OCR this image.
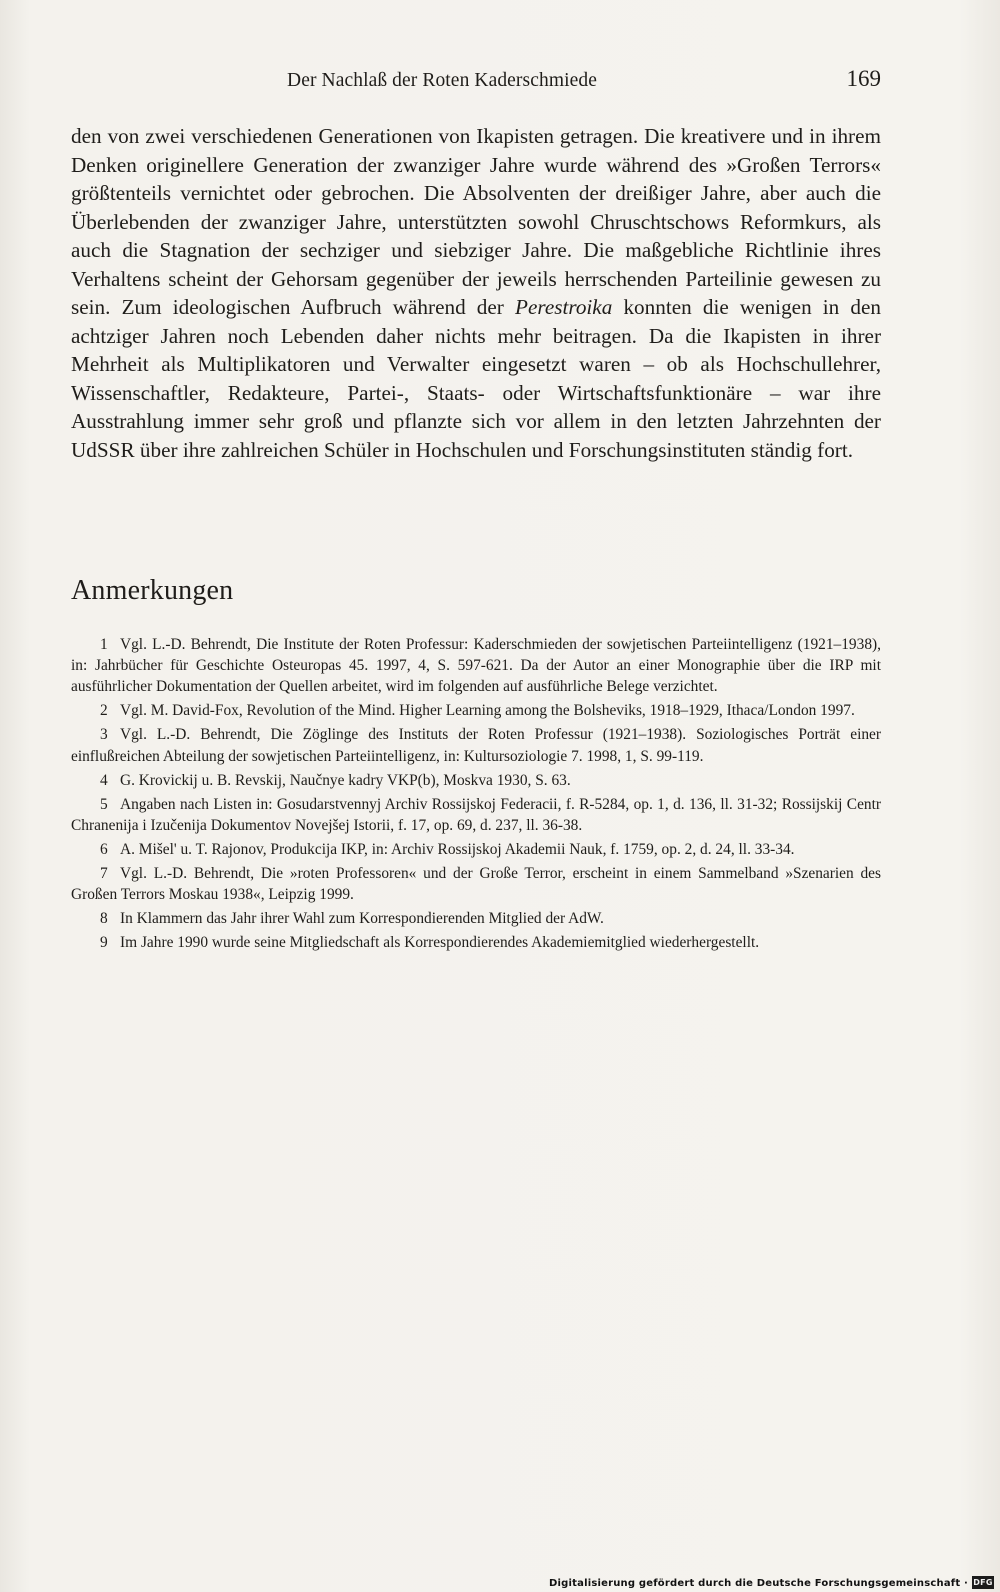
Der Nachlaß der Roten Kaderschmiede	169

den von zwei verschiedenen Generationen von Ikapisten getragen. Die kreativere und in ihrem Denken originellere Generation der zwanziger Jahre wurde während des »Großen Terrors« größtenteils vernichtet oder gebrochen. Die Absolventen der dreißiger Jahre, aber auch die Überlebenden der zwanziger Jahre, unterstützten sowohl Chruschtschows Reformkurs, als auch die Stagnation der sechziger und siebziger Jahre. Die maßgebliche Richtlinie ihres Verhaltens scheint der Gehorsam gegenüber der jeweils herrschenden Parteilinie gewesen zu sein. Zum ideologischen Aufbruch während der Perestroika konnten die wenigen in den achtziger Jahren noch Lebenden daher nichts mehr beitragen. Da die Ikapisten in ihrer Mehrheit als Multiplikatoren und Verwalter eingesetzt waren – ob als Hochschullehrer, Wissenschaftler, Redakteure, Partei-, Staats- oder Wirtschaftsfunktionäre – war ihre Ausstrahlung immer sehr groß und pflanzte sich vor allem in den letzten Jahrzehnten der UdSSR über ihre zahlreichen Schüler in Hochschulen und Forschungsinstituten ständig fort.

Anmerkungen
1 Vgl. L.-D. Behrendt, Die Institute der Roten Professur: Kaderschmieden der sowjetischen Parteiintelligenz (1921–1938), in: Jahrbücher für Geschichte Osteuropas 45. 1997, 4, S. 597-621. Da der Autor an einer Monographie über die IRP mit ausführlicher Dokumentation der Quellen arbeitet, wird im folgenden auf ausführliche Belege verzichtet.
2 Vgl. M. David-Fox, Revolution of the Mind. Higher Learning among the Bolsheviks, 1918–1929, Ithaca/London 1997.
3 Vgl. L.-D. Behrendt, Die Zöglinge des Instituts der Roten Professur (1921–1938). Soziologisches Porträt einer einflußreichen Abteilung der sowjetischen Parteiintelligenz, in: Kultursoziologie 7. 1998, 1, S. 99-119.
4 G. Krovickij u. B. Revskij, Naučnye kadry VKP(b), Moskva 1930, S. 63.
5 Angaben nach Listen in: Gosudarstvennyj Archiv Rossijskoj Federacii, f. R-5284, op. 1, d. 136, ll. 31-32; Rossijskij Centr Chranenija i Izučenija Dokumentov Novejšej Istorii, f. 17, op. 69, d. 237, ll. 36-38.
6 A. Mišel' u. T. Rajonov, Produkcija IKP, in: Archiv Rossijskoj Akademii Nauk, f. 1759, op. 2, d. 24, ll. 33-34.
7 Vgl. L.-D. Behrendt, Die »roten Professoren« und der Große Terror, erscheint in einem Sammelband »Szenarien des Großen Terrors Moskau 1938«, Leipzig 1999.
8 In Klammern das Jahr ihrer Wahl zum Korrespondierenden Mitglied der AdW.
9 Im Jahre 1990 wurde seine Mitgliedschaft als Korrespondierendes Akademiemitglied wiederhergestellt.
Digitalisierung gefördert durch die Deutsche Forschungsgemeinschaft · DFG
